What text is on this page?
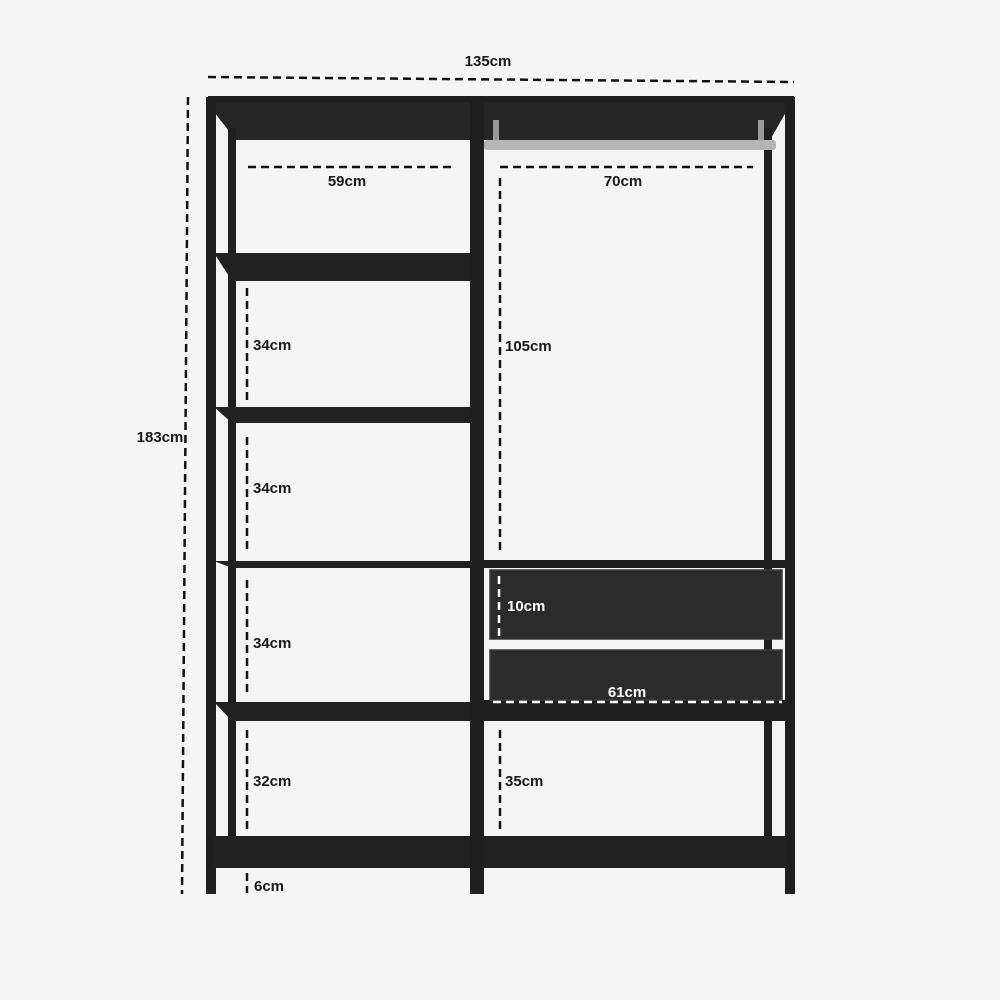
135cm
183cm
59cm	70cm
34cm
34cm
34cm
32cm
6cm
105cm
10cm
61cm
35cm
